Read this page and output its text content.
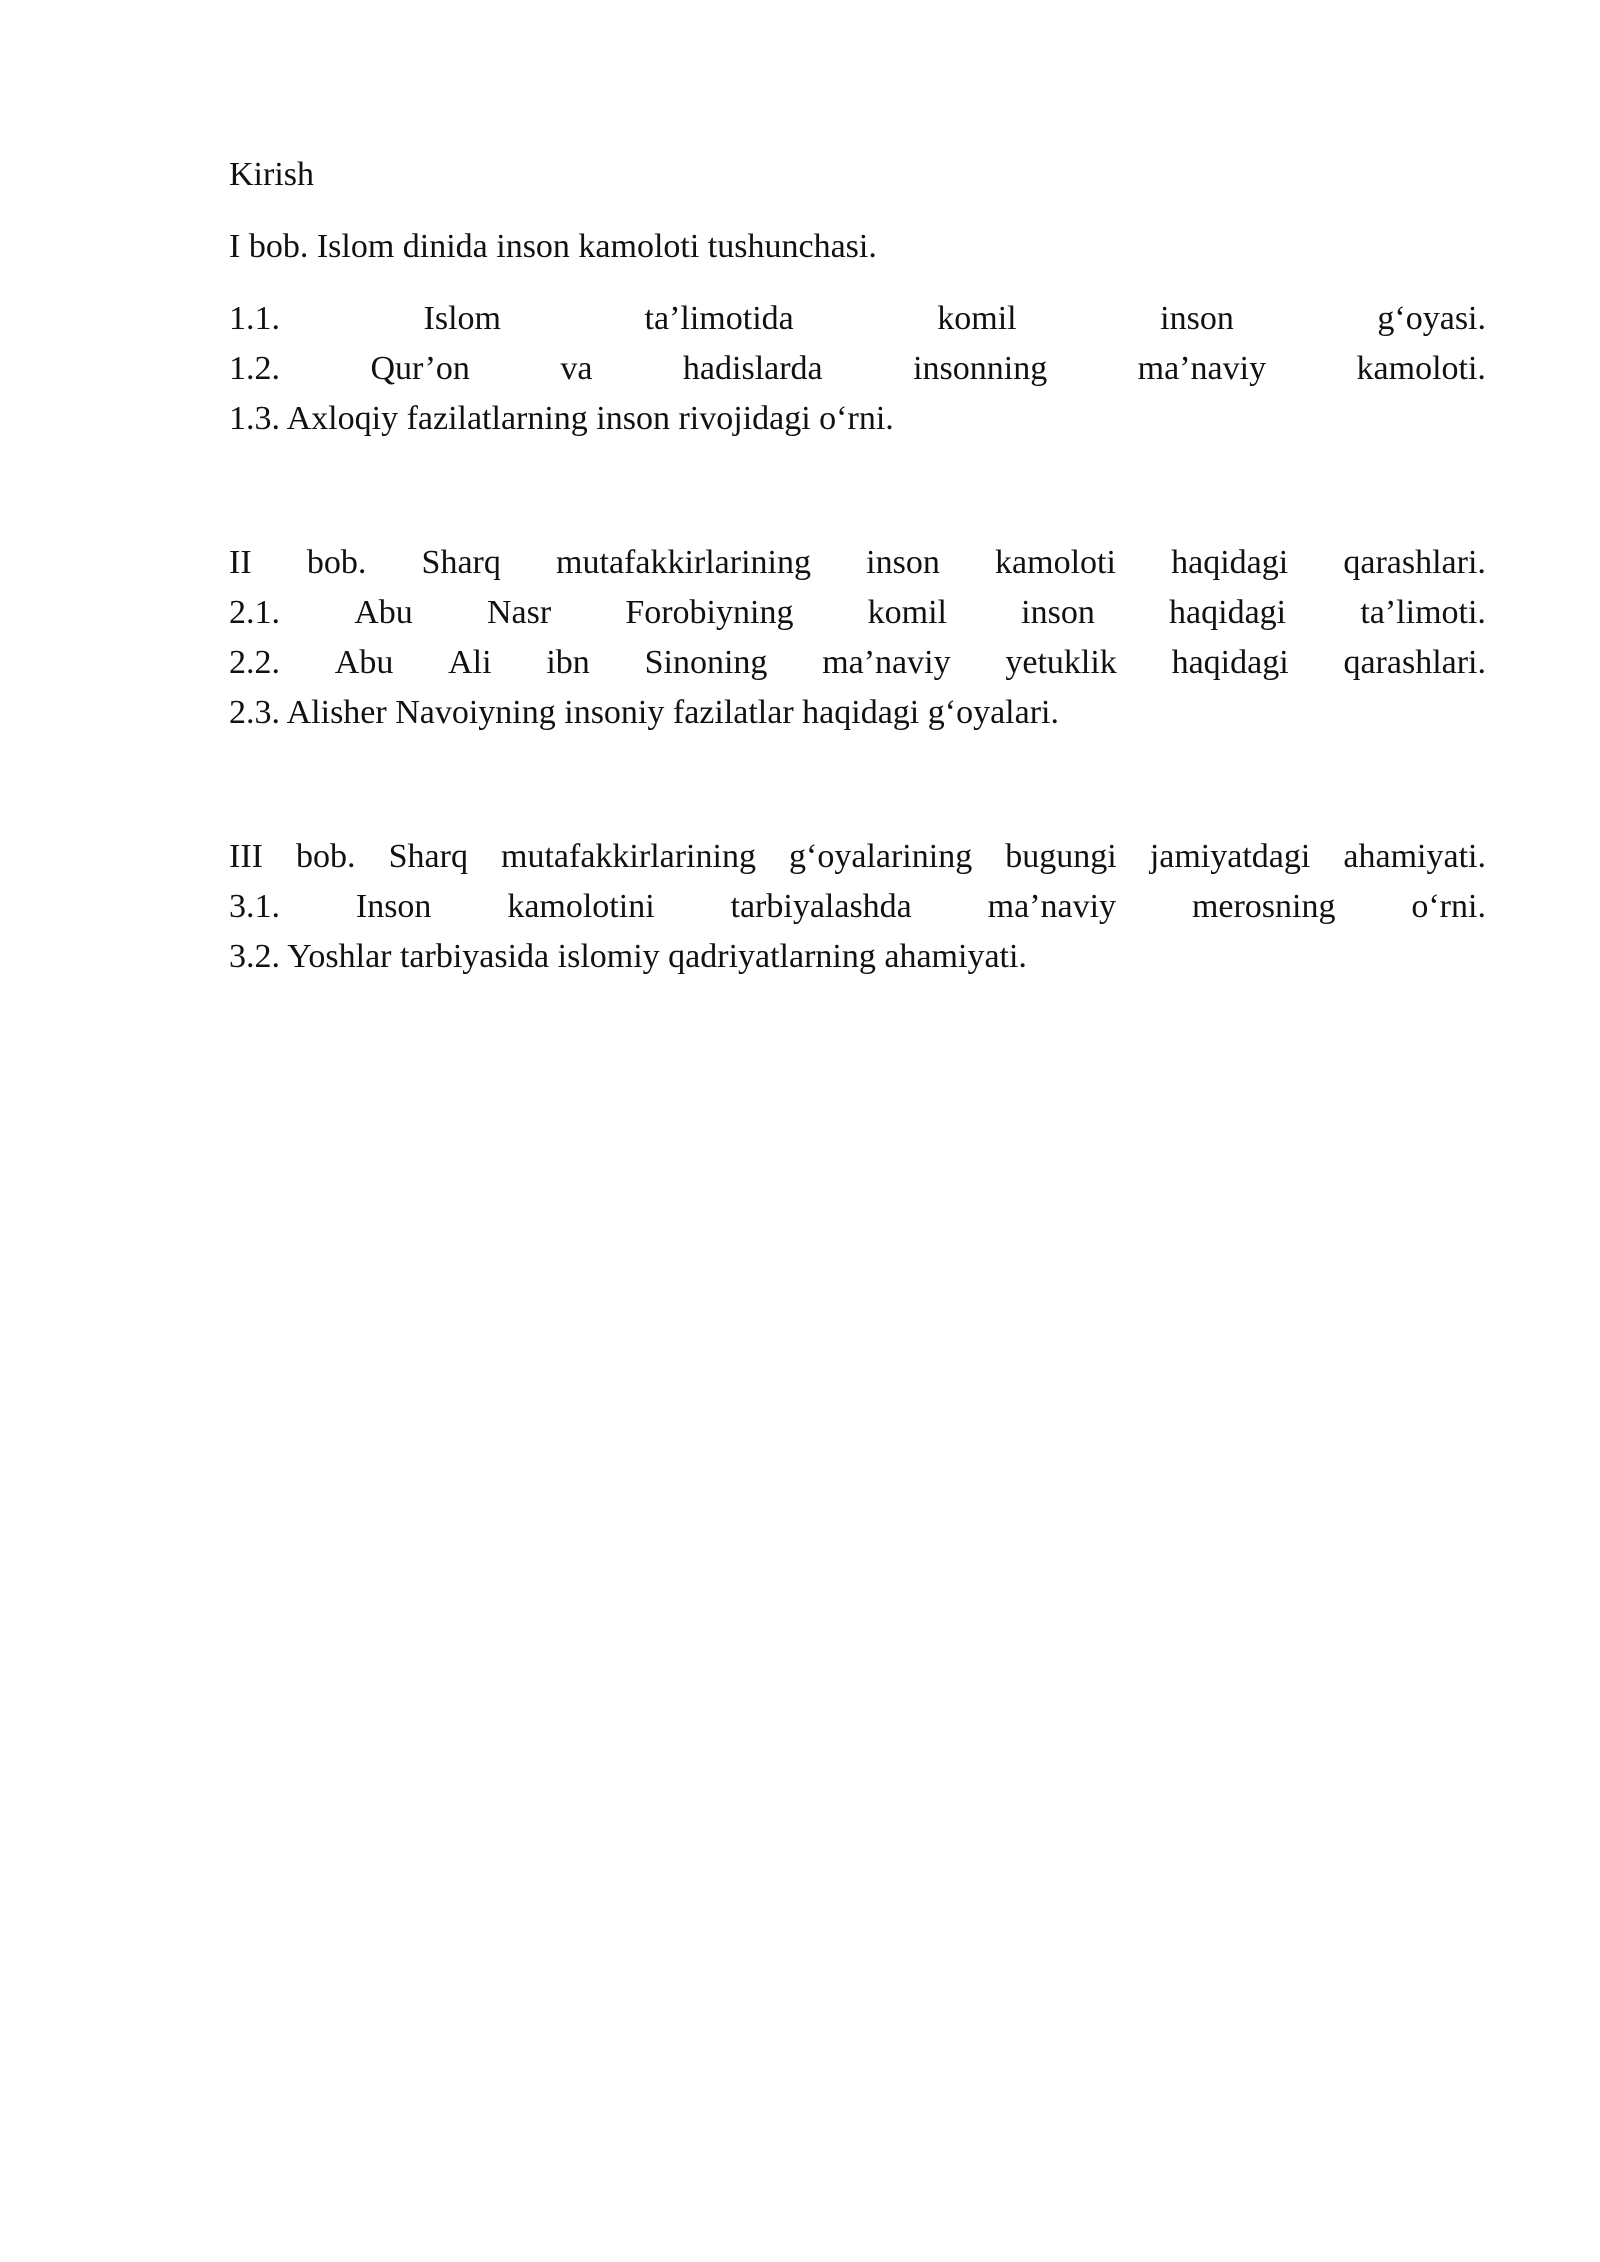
Kirish
I bob. Islom dinida inson kamoloti tushunchasi.
1.1.	Islom	ta’limotida	komil	inson	g‘oyasi.
1.2.	Qur’on	va	hadislarda	insonning	ma’naviy	kamoloti.
1.3. Axloqiy fazilatlarning inson rivojidagi o‘rni.
II bob. Sharq mutafakkirlarining inson kamoloti haqidagi qarashlari.
2.1. Abu Nasr Forobiyning komil inson haqidagi ta’limoti.
2.2. Abu Ali ibn Sinoning ma’naviy yetuklik haqidagi qarashlari.
2.3. Alisher Navoiyning insoniy fazilatlar haqidagi g‘oyalari.
III bob. Sharq mutafakkirlarining g‘oyalarining bugungi jamiyatdagi ahamiyati.
3.1. Inson kamolotini tarbiyalashda ma’naviy merosning o‘rni.
3.2. Yoshlar tarbiyasida islomiy qadriyatlarning ahamiyati.
